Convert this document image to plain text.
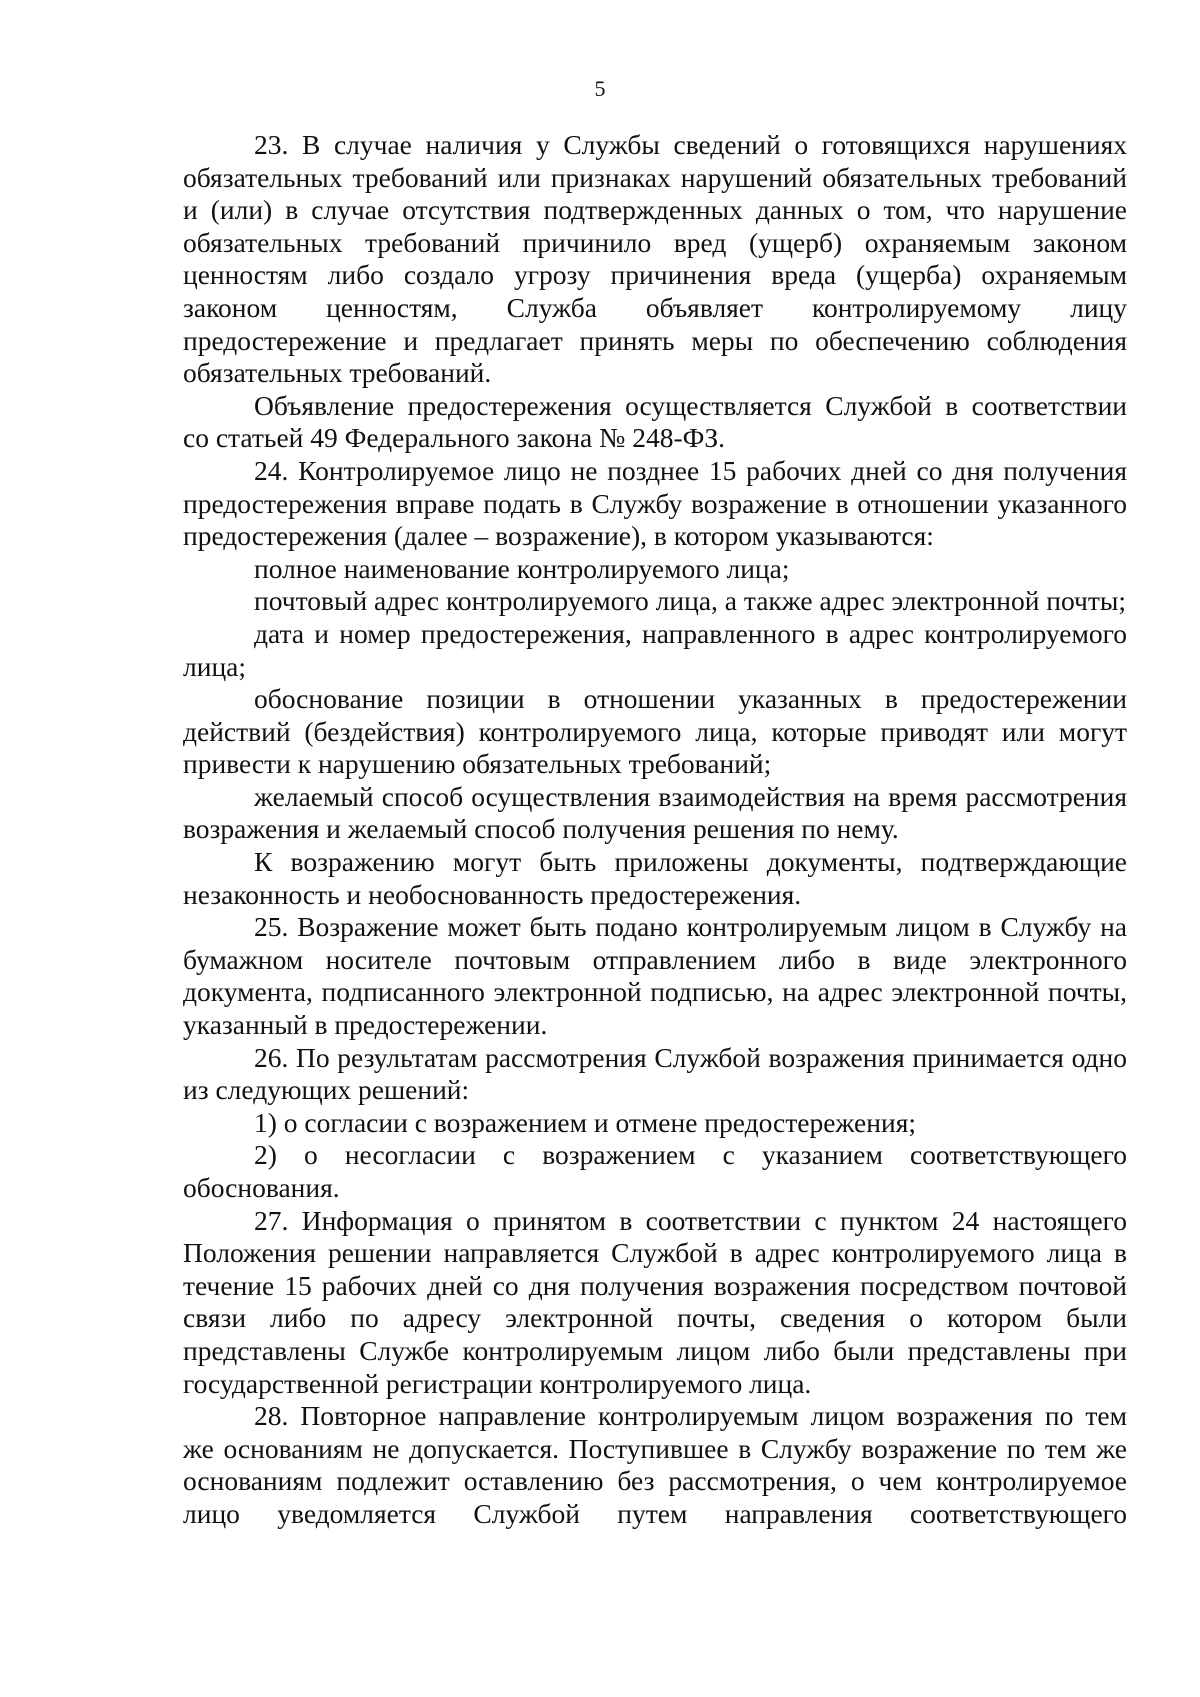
5

23. В случае наличия у Службы сведений о готовящихся нарушениях обязательных требований или признаках нарушений обязательных требований и (или) в случае отсутствия подтвержденных данных о том, что нарушение обязательных требований причинило вред (ущерб) охраняемым законом ценностям либо создало угрозу причинения вреда (ущерба) охраняемым законом ценностям, Служба объявляет контролируемому лицу предостережение и предлагает принять меры по обеспечению соблюдения обязательных требований.

Объявление предостережения осуществляется Службой в соответствии со статьей 49 Федерального закона № 248-ФЗ.

24. Контролируемое лицо не позднее 15 рабочих дней со дня получения предостережения вправе подать в Службу возражение в отношении указанного предостережения (далее – возражение), в котором указываются:

полное наименование контролируемого лица;

почтовый адрес контролируемого лица, а также адрес электронной почты;

дата и номер предостережения, направленного в адрес контролируемого лица;

обоснование позиции в отношении указанных в предостережении действий (бездействия) контролируемого лица, которые приводят или могут привести к нарушению обязательных требований;

желаемый способ осуществления взаимодействия на время рассмотрения возражения и желаемый способ получения решения по нему.

К возражению могут быть приложены документы, подтверждающие незаконность и необоснованность предостережения.

25. Возражение может быть подано контролируемым лицом в Службу на бумажном носителе почтовым отправлением либо в виде электронного документа, подписанного электронной подписью, на адрес электронной почты, указанный в предостережении.

26. По результатам рассмотрения Службой возражения принимается одно из следующих решений:

1) о согласии с возражением и отмене предостережения;

2) о несогласии с возражением с указанием соответствующего обоснования.

27. Информация о принятом в соответствии с пунктом 24 настоящего Положения решении направляется Службой в адрес контролируемого лица в течение 15 рабочих дней со дня получения возражения посредством почтовой связи либо по адресу электронной почты, сведения о котором были представлены Службе контролируемым лицом либо были представлены при государственной регистрации контролируемого лица.

28. Повторное направление контролируемым лицом возражения по тем же основаниям не допускается. Поступившее в Службу возражение по тем же основаниям подлежит оставлению без рассмотрения, о чем контролируемое лицо уведомляется Службой путем направления соответствующего
